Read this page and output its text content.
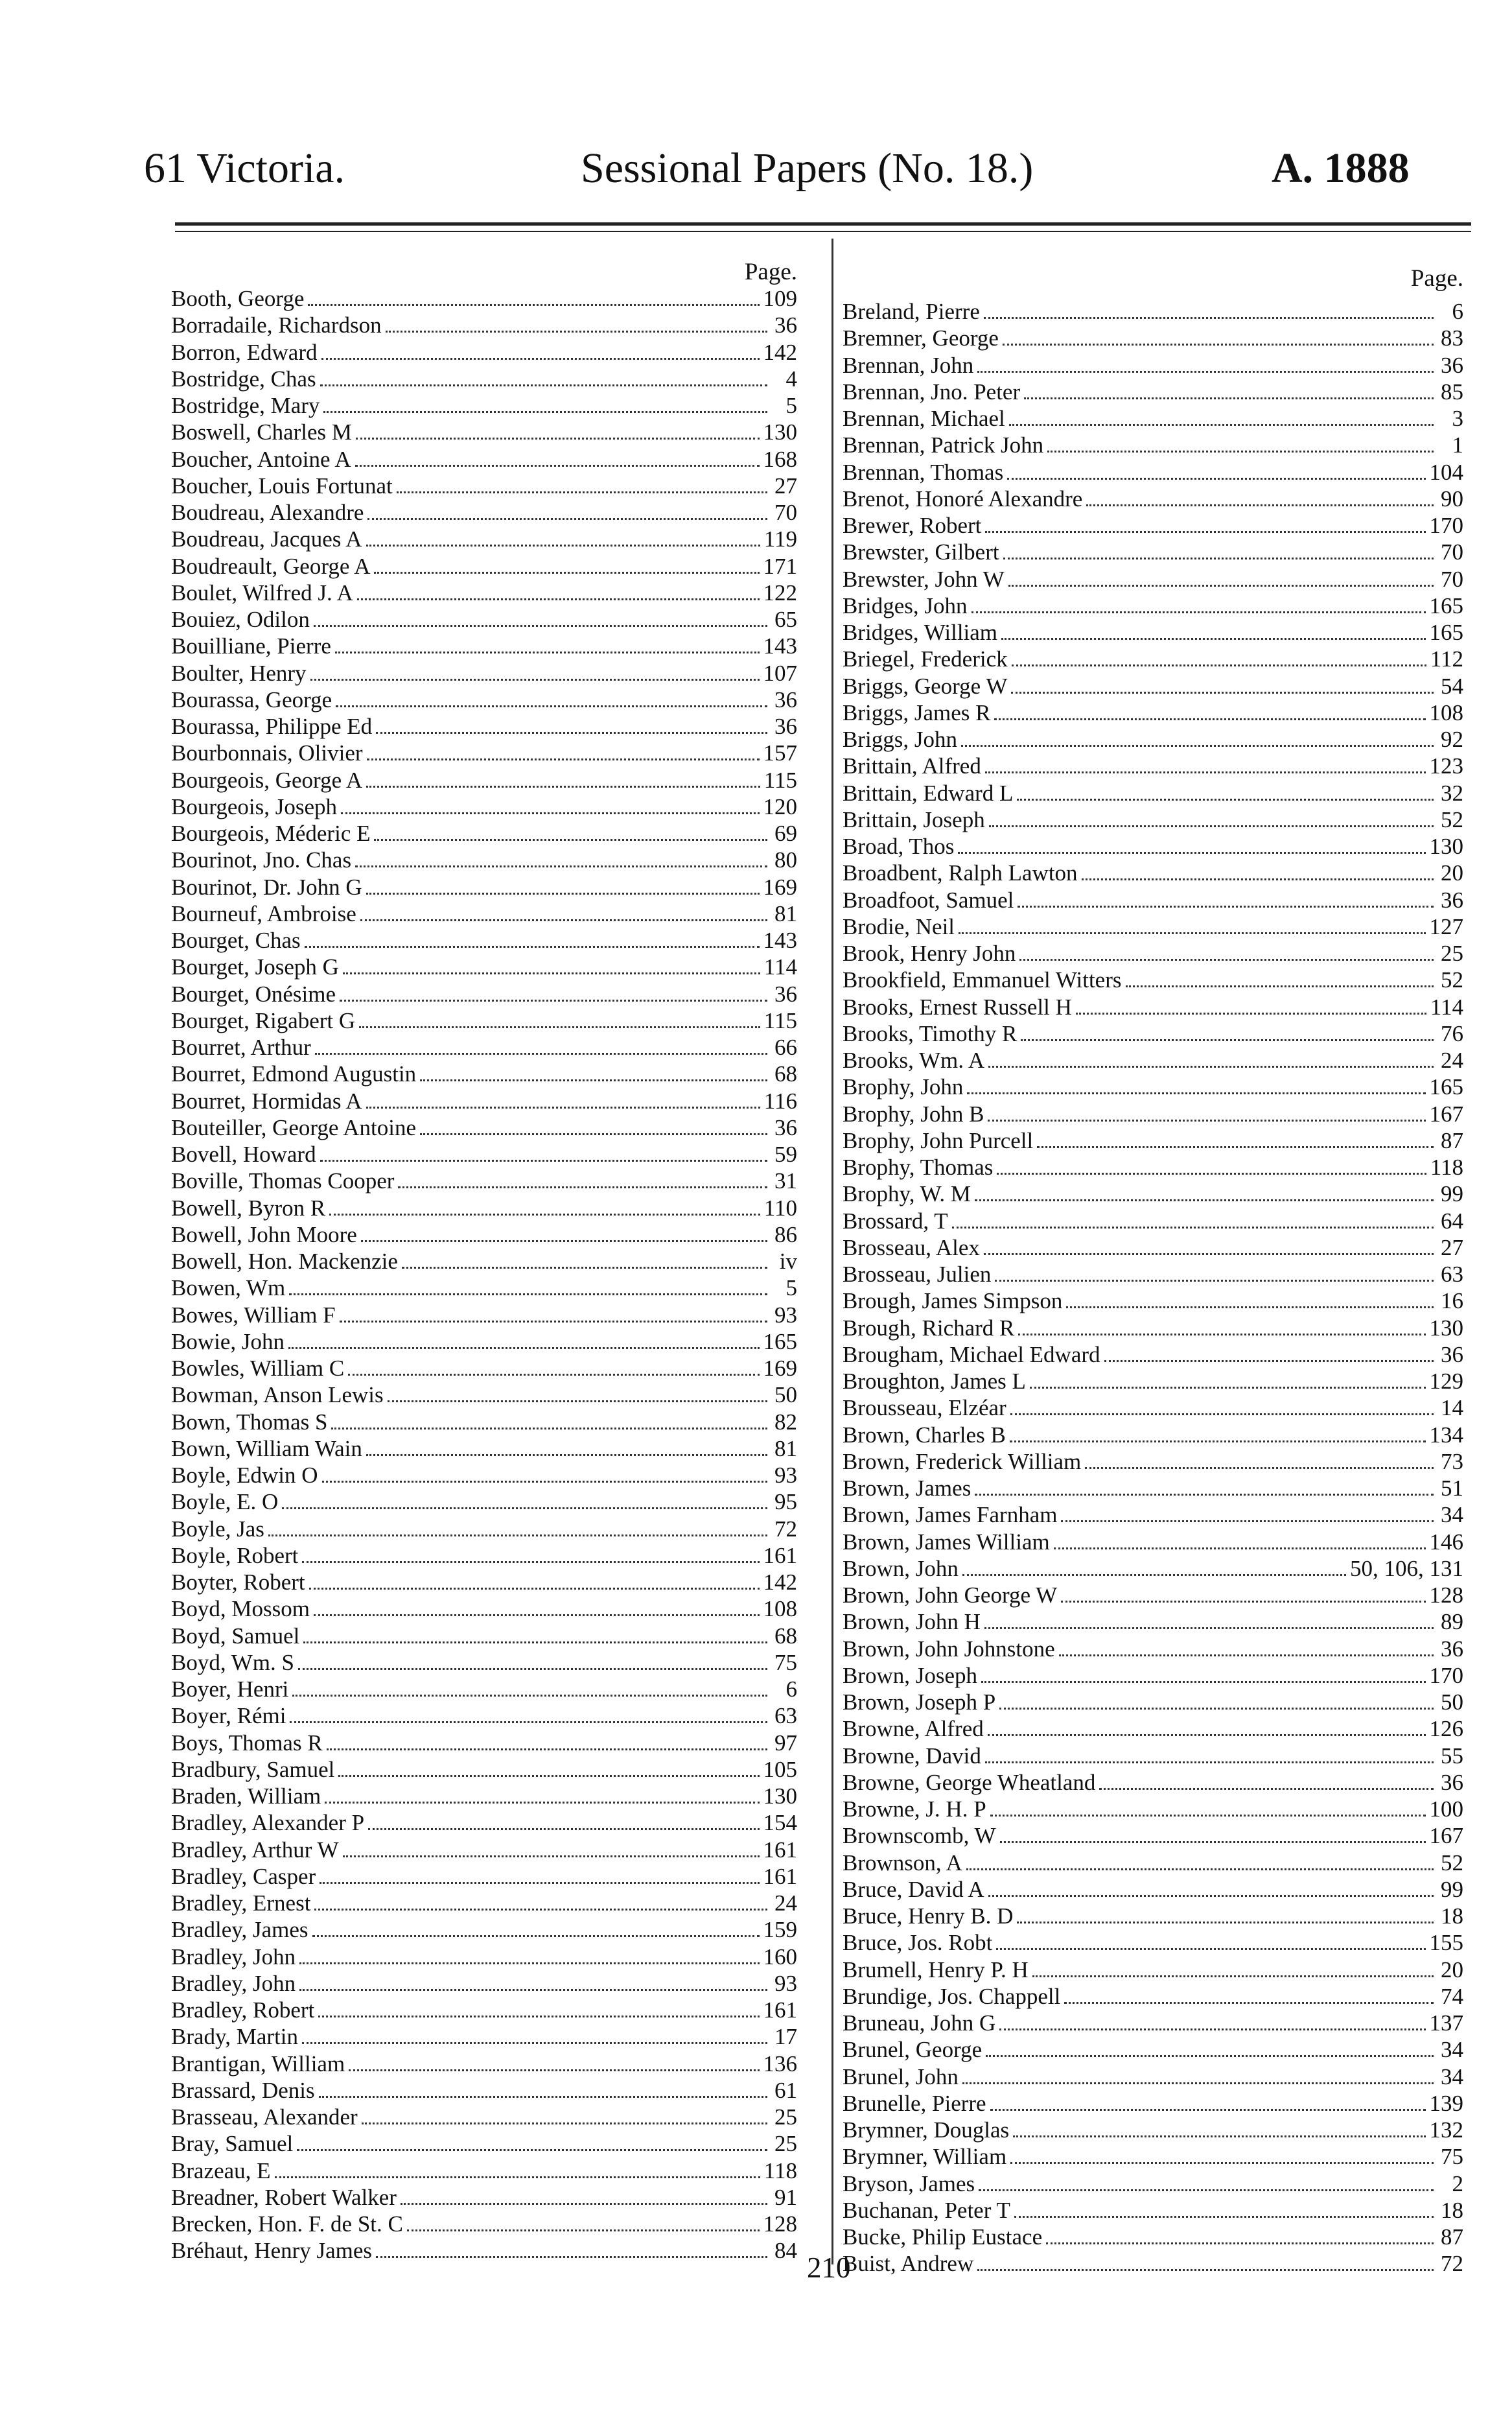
61 Victoria.	Sessional Papers (No. 18.)	A. 1888
Page.
Booth, George	109
Borradaile, Richardson	36
Borron, Edward	142
Bostridge, Chas	4
Bostridge, Mary	5
Boswell, Charles M	130
Boucher, Antoine A	168
Boucher, Louis Fortunat	27
Boudreau, Alexandre	70
Boudreau, Jacques A	119
Boudreault, George A	171
Boulet, Wilfred J. A	122
Bouiez, Odilon	65
Bouilliane, Pierre	143
Boulter, Henry	107
Bourassa, George	36
Bourassa, Philippe Ed	36
Bourbonnais, Olivier	157
Bourgeois, George A	115
Bourgeois, Joseph	120
Bourgeois, Méderic E	69
Bourinot, Jno. Chas	80
Bourinot, Dr. John G	169
Bourneuf, Ambroise	81
Bourget, Chas	143
Bourget, Joseph G	114
Bourget, Onésime	36
Bourget, Rigabert G	115
Bourret, Arthur	66
Bourret, Edmond Augustin	68
Bourret, Hormidas A	116
Bouteiller, George Antoine	36
Bovell, Howard	59
Boville, Thomas Cooper	31
Bowell, Byron R	110
Bowell, John Moore	86
Bowell, Hon. Mackenzie	iv
Bowen, Wm	5
Bowes, William F	93
Bowie, John	165
Bowles, William C	169
Bowman, Anson Lewis	50
Bown, Thomas S	82
Bown, William Wain	81
Boyle, Edwin O	93
Boyle, E. O	95
Boyle, Jas	72
Boyle, Robert	161
Boyter, Robert	142
Boyd, Mossom	108
Boyd, Samuel	68
Boyd, Wm. S	75
Boyer, Henri	6
Boyer, Rémi	63
Boys, Thomas R	97
Bradbury, Samuel	105
Braden, William	130
Bradley, Alexander P	154
Bradley, Arthur W	161
Bradley, Casper	161
Bradley, Ernest	24
Bradley, James	159
Bradley, John	160
Bradley, John	93
Bradley, Robert	161
Brady, Martin	17
Brantigan, William	136
Brassard, Denis	61
Brasseau, Alexander	25
Bray, Samuel	25
Brazeau, E	118
Breadner, Robert Walker	91
Brecken, Hon. F. de St. C	128
Bréhaut, Henry James	84
Page.
Breland, Pierre	6
Bremner, George	83
Brennan, John	36
Brennan, Jno. Peter	85
Brennan, Michael	3
Brennan, Patrick John	1
Brennan, Thomas	104
Brenot, Honoré Alexandre	90
Brewer, Robert	170
Brewster, Gilbert	70
Brewster, John W	70
Bridges, John	165
Bridges, William	165
Briegel, Frederick	112
Briggs, George W	54
Briggs, James R	108
Briggs, John	92
Brittain, Alfred	123
Brittain, Edward L	32
Brittain, Joseph	52
Broad, Thos	130
Broadbent, Ralph Lawton	20
Broadfoot, Samuel	36
Brodie, Neil	127
Brook, Henry John	25
Brookfield, Emmanuel Witters	52
Brooks, Ernest Russell H	114
Brooks, Timothy R	76
Brooks, Wm. A	24
Brophy, John	165
Brophy, John B	167
Brophy, John Purcell	87
Brophy, Thomas	118
Brophy, W. M	99
Brossard, T	64
Brosseau, Alex	27
Brosseau, Julien	63
Brough, James Simpson	16
Brough, Richard R	130
Brougham, Michael Edward	36
Broughton, James L	129
Brousseau, Elzéar	14
Brown, Charles B	134
Brown, Frederick William	73
Brown, James	51
Brown, James Farnham	34
Brown, James William	146
Brown, John	50, 106, 131
Brown, John George W	128
Brown, John H	89
Brown, John Johnstone	36
Brown, Joseph	170
Brown, Joseph P	50
Browne, Alfred	126
Browne, David	55
Browne, George Wheatland	36
Browne, J. H. P	100
Brownscomb, W	167
Brownson, A	52
Bruce, David A	99
Bruce, Henry B. D	18
Bruce, Jos. Robt	155
Brumell, Henry P. H	20
Brundige, Jos. Chappell	74
Bruneau, John G	137
Brunel, George	34
Brunel, John	34
Brunelle, Pierre	139
Brymner, Douglas	132
Brymner, William	75
Bryson, James	2
Buchanan, Peter T	18
Bucke, Philip Eustace	87
Buist, Andrew	72
210
